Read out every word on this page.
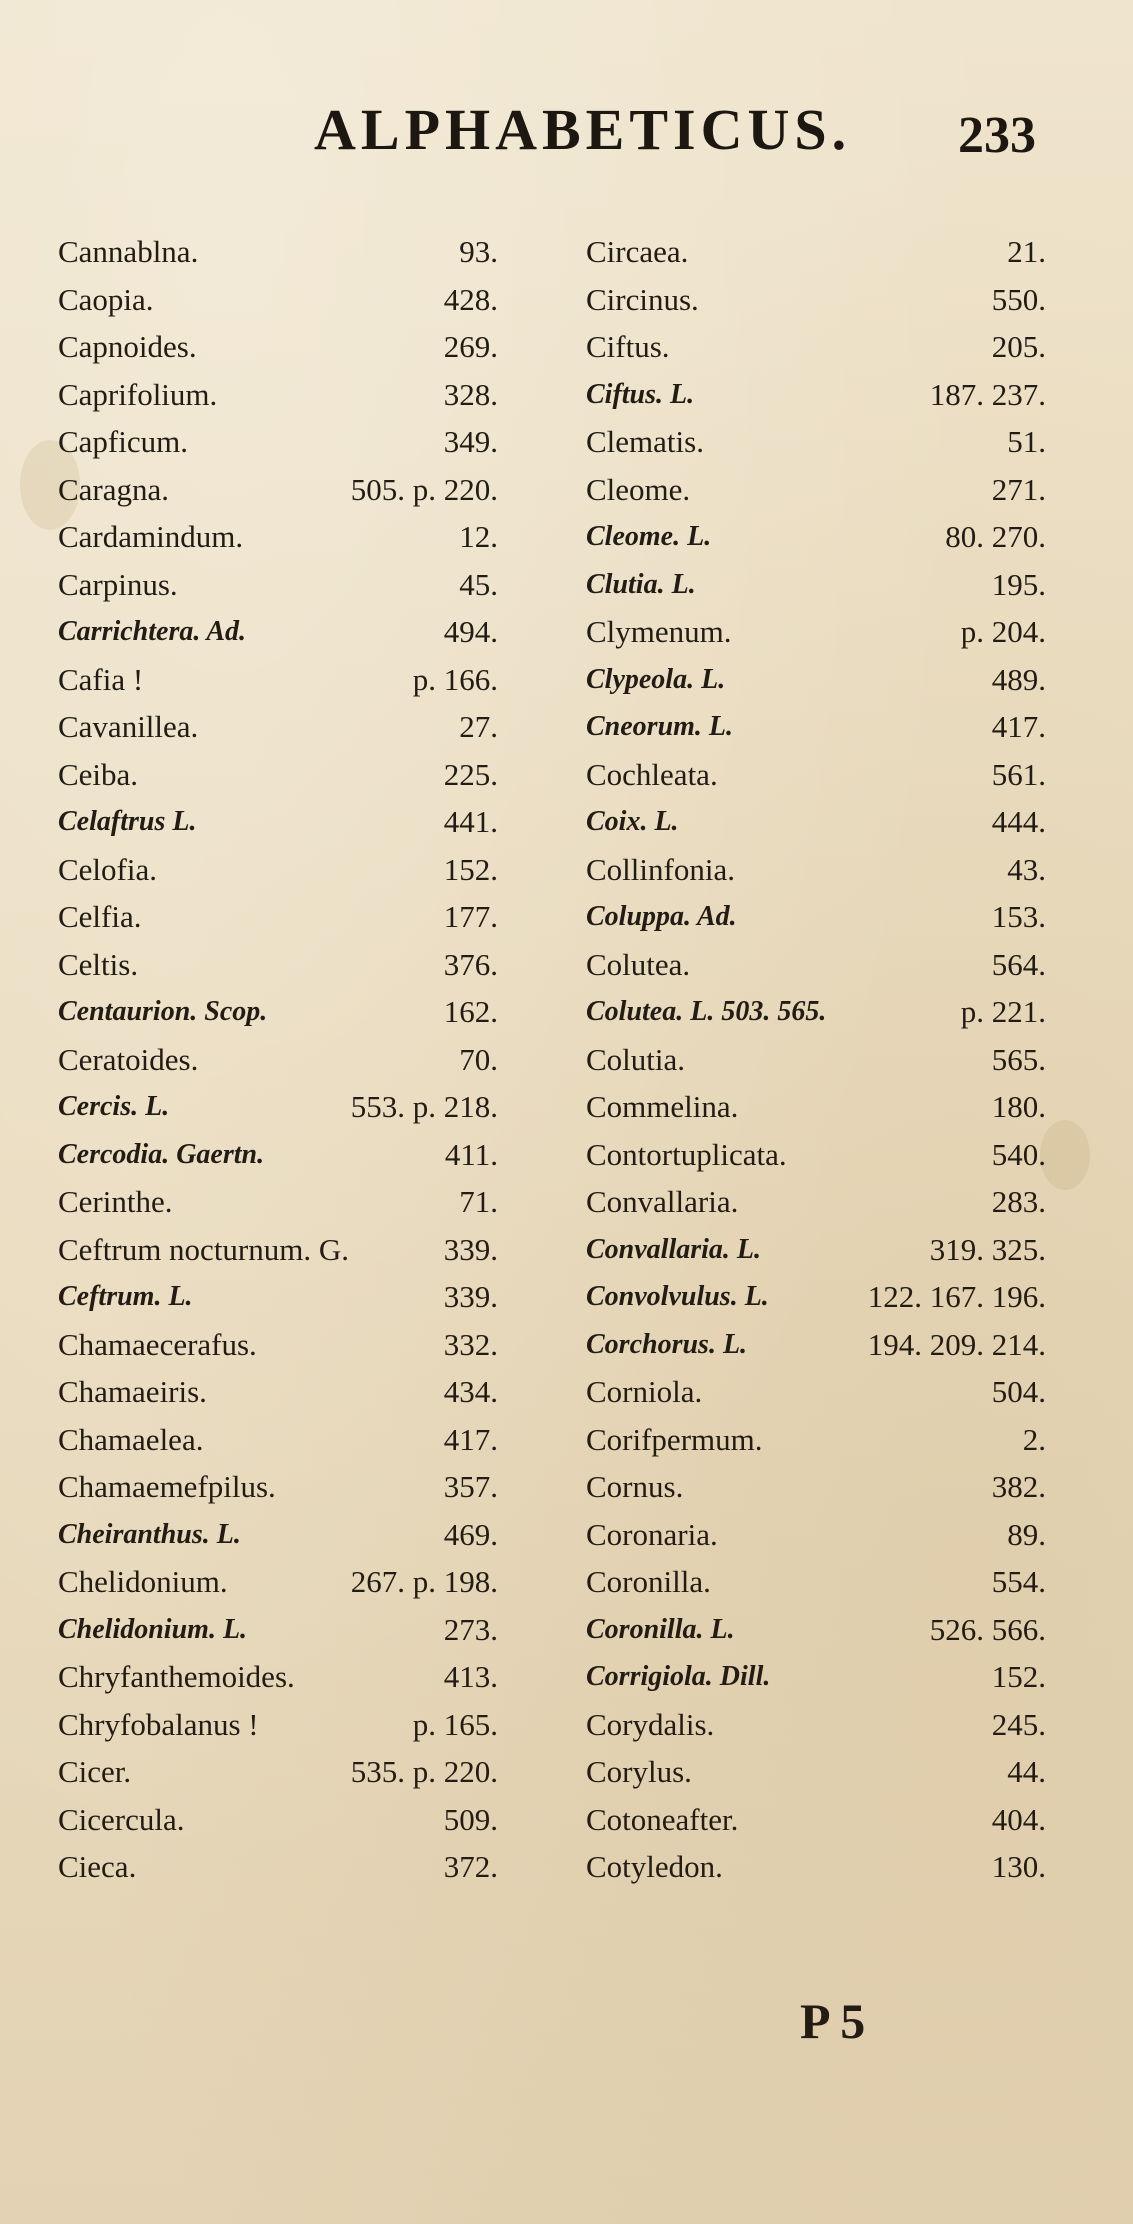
ALPHABETICUS. 233
Cannablna.	93.
Caopia.	428.
Capnoides.	269.
Caprifolium.	328.
Capficum.	349.
Caragna.	505. p. 220.
Cardamindum.	12.
Carpinus.	45.
Carrichtera. Ad.	494.
Cafia !	p. 166.
Cavanillea.	27.
Ceiba.	225.
Celaftrus L.	441.
Celofia.	152.
Celfia.	177.
Celtis.	376.
Centaurion. Scop.	162.
Ceratoides.	70.
Cercis. L.	553. p. 218.
Cercodia. Gaertn.	411.
Cerinthe.	71.
Ceftrum nocturnum. G.	339.
Ceftrum. L.	339.
Chamaecerafus.	332.
Chamaeiris.	434.
Chamaelea.	417.
Chamaemefpilus.	357.
Cheiranthus. L.	469.
Chelidonium.	267. p. 198.
Chelidonium. L.	273.
Chryfanthemoides.	413.
Chryfobalanus !	p. 165.
Cicer.	535. p. 220.
Cicercula.	509.
Cieca.	372.
Circaea.	21.
Circinus.	550.
Ciftus.	205.
Ciftus. L.	187. 237.
Clematis.	51.
Cleome.	271.
Cleome. L.	80. 270.
Clutia. L.	195.
Clymenum.	p. 204.
Clypeola. L.	489.
Cneorum. L.	417.
Cochleata.	561.
Coix. L.	444.
Collinfonia.	43.
Coluppa. Ad.	153.
Colutea.	564.
Colutea. L. 503. 565.	p. 221.
Colutia.	565.
Commelina.	180.
Contortuplicata.	540.
Convallaria.	283.
Convallaria. L.	319. 325.
Convolvulus. L.	122. 167. 196.
Corchorus. L.	194. 209. 214.
Corniola.	504.
Corifpermum.	2.
Cornus.	382.
Coronaria.	89.
Coronilla.	554.
Coronilla. L.	526. 566.
Corrigiola. Dill.	152.
Corydalis.	245.
Corylus.	44.
Cotoneafter.	404.
Cotyledon.	130.
P 5
